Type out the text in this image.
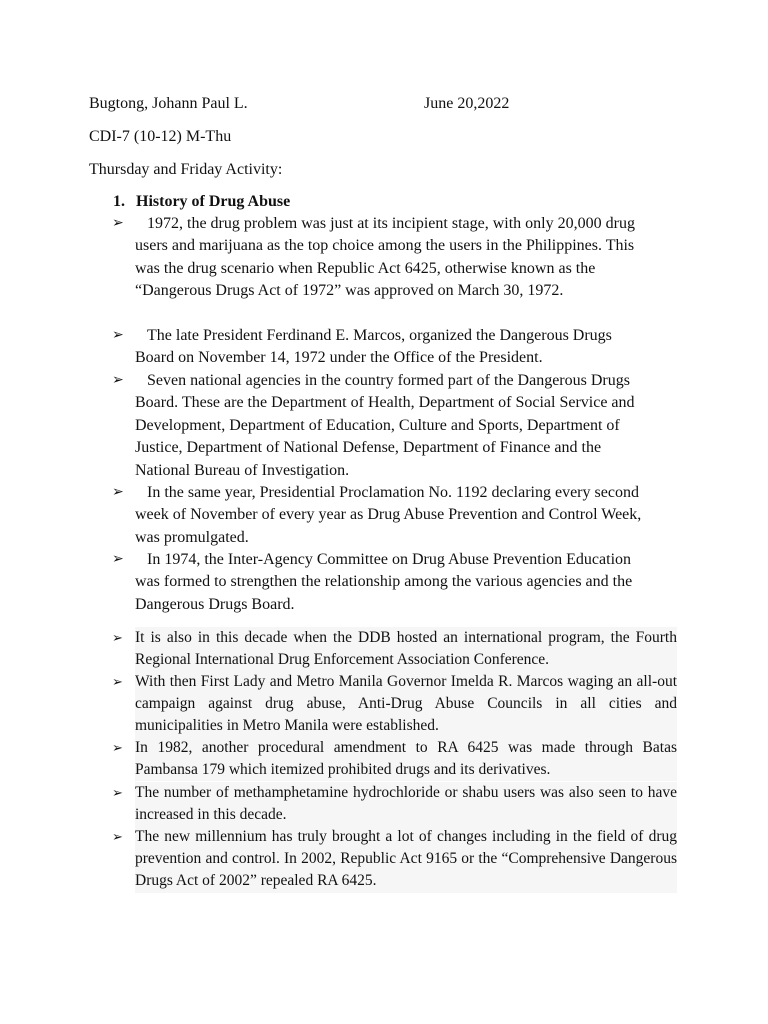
Bugtong, Johann Paul L.	June 20,2022
CDI-7 (10-12) M-Thu
Thursday and Friday Activity:
1. History of Drug Abuse
➢	1972, the drug problem was just at its incipient stage, with only 20,000 drug users and marijuana as the top choice among the users in the Philippines. This was the drug scenario when Republic Act 6425, otherwise known as the “Dangerous Drugs Act of 1972” was approved on March 30, 1972.
➢	The late President Ferdinand E. Marcos, organized the Dangerous Drugs Board on November 14, 1972 under the Office of the President.
➢	Seven national agencies in the country formed part of the Dangerous Drugs Board. These are the Department of Health, Department of Social Service and Development, Department of Education, Culture and Sports, Department of Justice, Department of National Defense, Department of Finance and the National Bureau of Investigation.
➢	In the same year, Presidential Proclamation No. 1192 declaring every second week of November of every year as Drug Abuse Prevention and Control Week, was promulgated.
➢	In 1974, the Inter-Agency Committee on Drug Abuse Prevention Education was formed to strengthen the relationship among the various agencies and the Dangerous Drugs Board.
➢ It is also in this decade when the DDB hosted an international program, the Fourth Regional International Drug Enforcement Association Conference.
➢ With then First Lady and Metro Manila Governor Imelda R. Marcos waging an all-out campaign against drug abuse, Anti-Drug Abuse Councils in all cities and municipalities in Metro Manila were established.
➢ In 1982, another procedural amendment to RA 6425 was made through Batas Pambansa 179 which itemized prohibited drugs and its derivatives.
➢ The number of methamphetamine hydrochloride or shabu users was also seen to have increased in this decade.
➢ The new millennium has truly brought a lot of changes including in the field of drug prevention and control. In 2002, Republic Act 9165 or the “Comprehensive Dangerous Drugs Act of 2002” repealed RA 6425.
